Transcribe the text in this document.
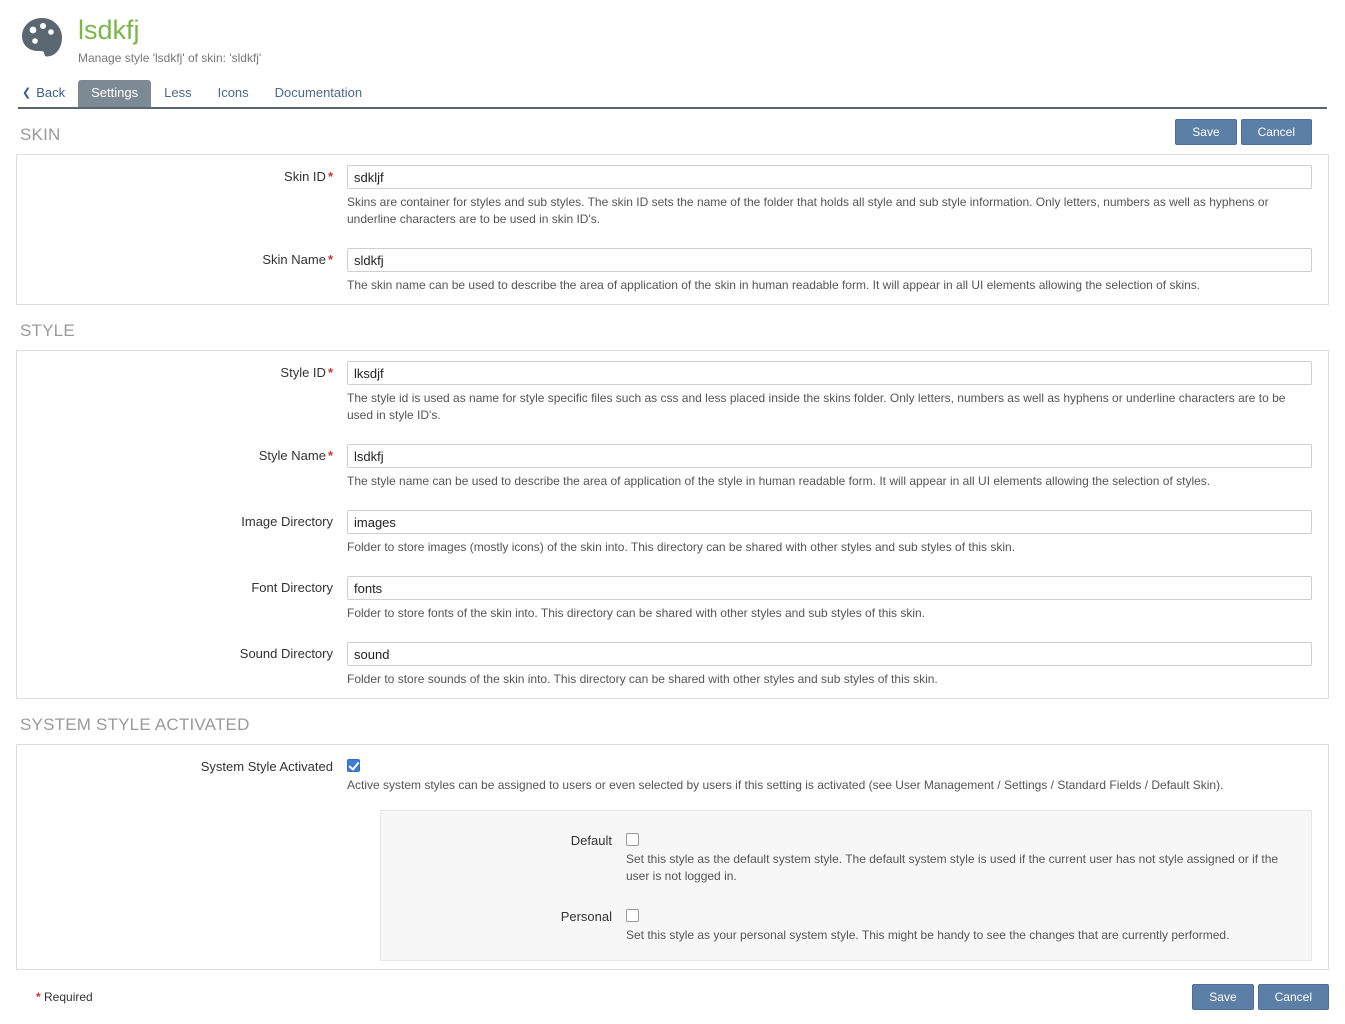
lsdkfj
Manage style 'lsdkfj' of skin: 'sldkfj'
❮ Back	Settings	Less	Icons	Documentation
SKIN	Save	Cancel
Skin ID *
sdkljf
Skins are container for styles and sub styles. The skin ID sets the name of the folder that holds all style and sub style information. Only letters, numbers as well as hyphens or underline characters are to be used in skin ID's.
Skin Name *
sldkfj
The skin name can be used to describe the area of application of the skin in human readable form. It will appear in all UI elements allowing the selection of skins.
STYLE
Style ID *
lksdjf
The style id is used as name for style specific files such as css and less placed inside the skins folder. Only letters, numbers as well as hyphens or underline characters are to be used in style ID's.
Style Name *
lsdkfj
The style name can be used to describe the area of application of the style in human readable form. It will appear in all UI elements allowing the selection of styles.
Image Directory
images
Folder to store images (mostly icons) of the skin into. This directory can be shared with other styles and sub styles of this skin.
Font Directory
fonts
Folder to store fonts of the skin into. This directory can be shared with other styles and sub styles of this skin.
Sound Directory
sound
Folder to store sounds of the skin into. This directory can be shared with other styles and sub styles of this skin.
SYSTEM STYLE ACTIVATED
System Style Activated
Active system styles can be assigned to users or even selected by users if this setting is activated (see User Management / Settings / Standard Fields / Default Skin).
Default
Set this style as the default system style. The default system style is used if the current user has not style assigned or if the user is not logged in.
Personal
Set this style as your personal system style. This might be handy to see the changes that are currently performed.
* Required	Save	Cancel
